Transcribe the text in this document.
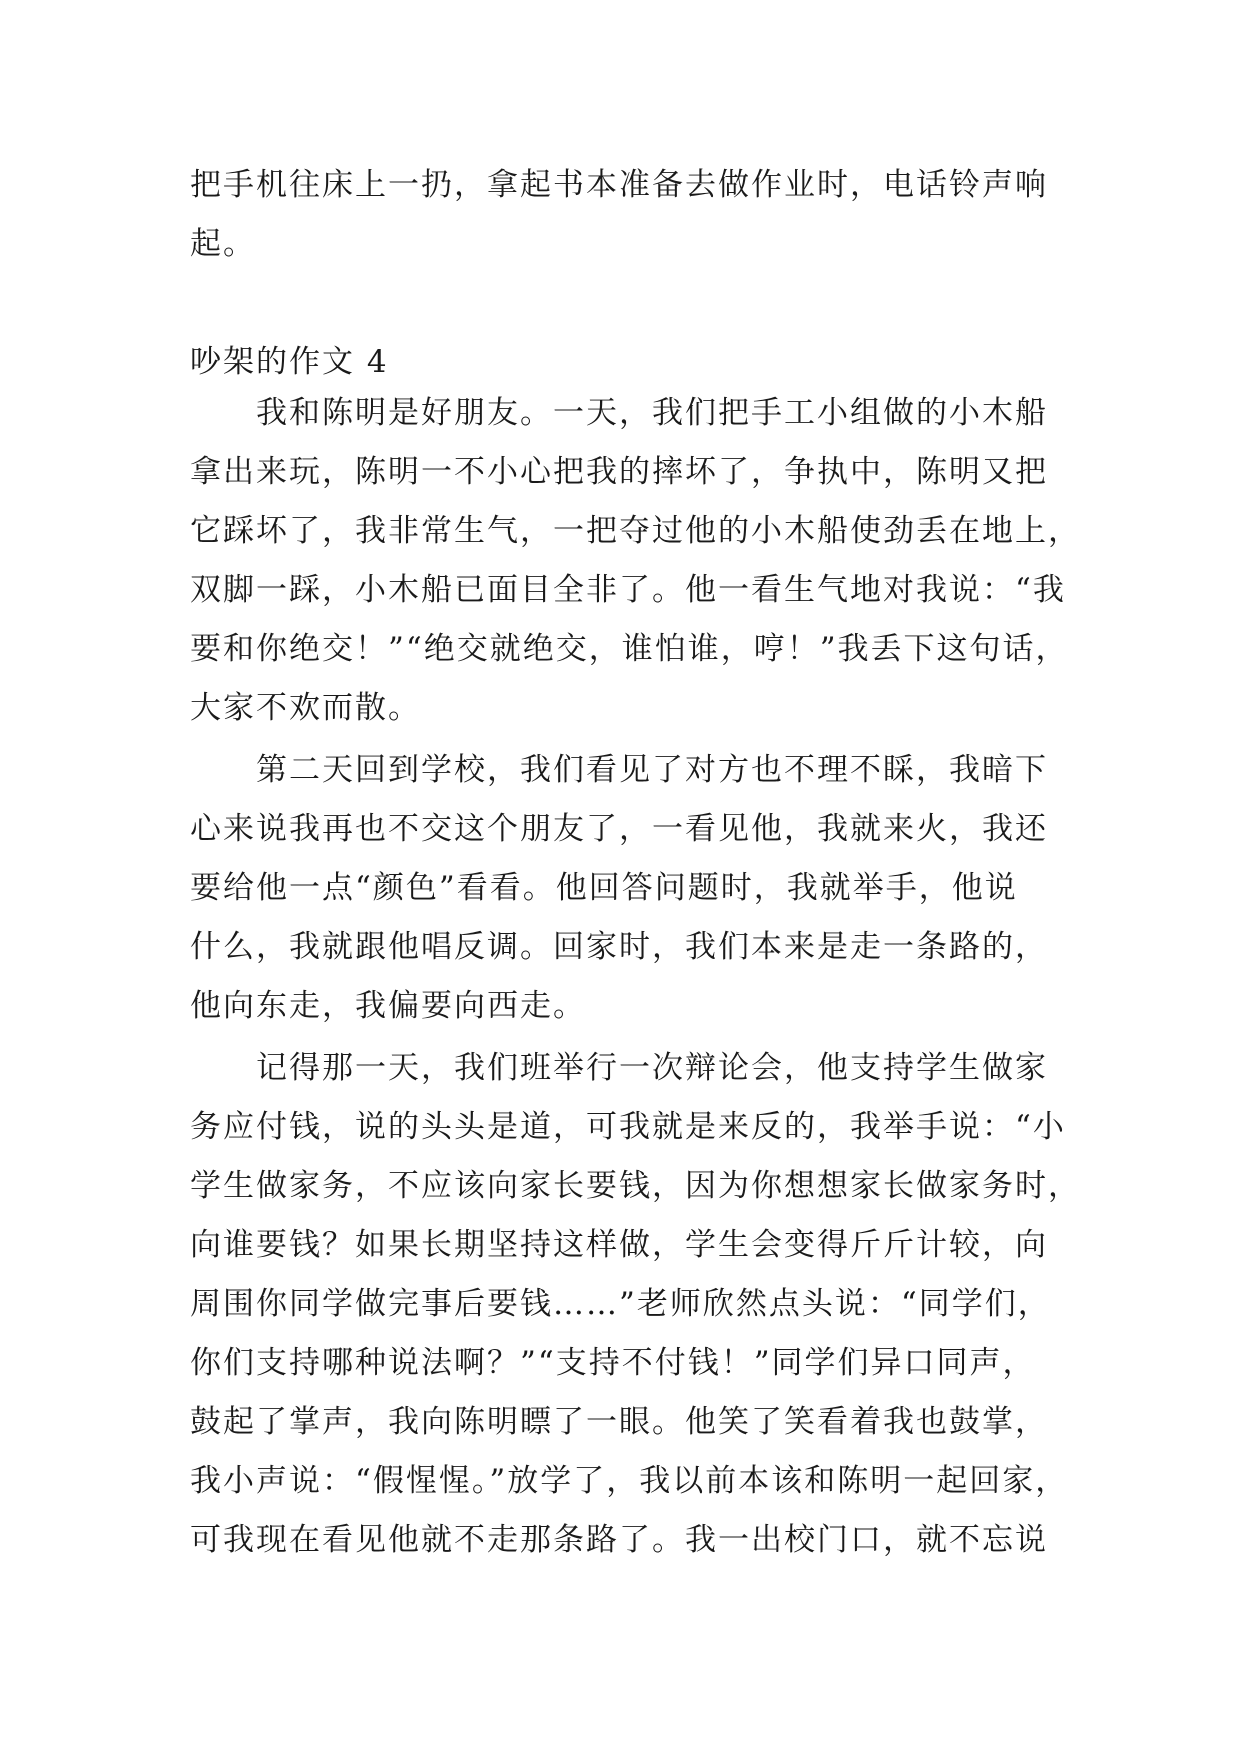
把手机往床上一扔，拿起书本准备去做作业时，电话铃声响
起。
吵架的作文 4
我和陈明是好朋友。一天，我们把手工小组做的小木船
拿出来玩，陈明一不小心把我的摔坏了，争执中，陈明又把
它踩坏了，我非常生气，一把夺过他的小木船使劲丢在地上，
双脚一踩，小木船已面目全非了。他一看生气地对我说：“我
要和你绝交！”“绝交就绝交，谁怕谁，哼！”我丢下这句话，
大家不欢而散。
第二天回到学校，我们看见了对方也不理不睬，我暗下
心来说我再也不交这个朋友了，一看见他，我就来火，我还
要给他一点“颜色”看看。他回答问题时，我就举手，他说
什么，我就跟他唱反调。回家时，我们本来是走一条路的，
他向东走，我偏要向西走。
记得那一天，我们班举行一次辩论会，他支持学生做家
务应付钱，说的头头是道，可我就是来反的，我举手说：“小
学生做家务，不应该向家长要钱，因为你想想家长做家务时，
向谁要钱？如果长期坚持这样做，学生会变得斤斤计较，向
周围你同学做完事后要钱……”老师欣然点头说：“同学们，
你们支持哪种说法啊？”“支持不付钱！”同学们异口同声，
鼓起了掌声，我向陈明瞟了一眼。他笑了笑看着我也鼓掌，
我小声说：“假惺惺。”放学了，我以前本该和陈明一起回家，
可我现在看见他就不走那条路了。我一出校门口，就不忘说
